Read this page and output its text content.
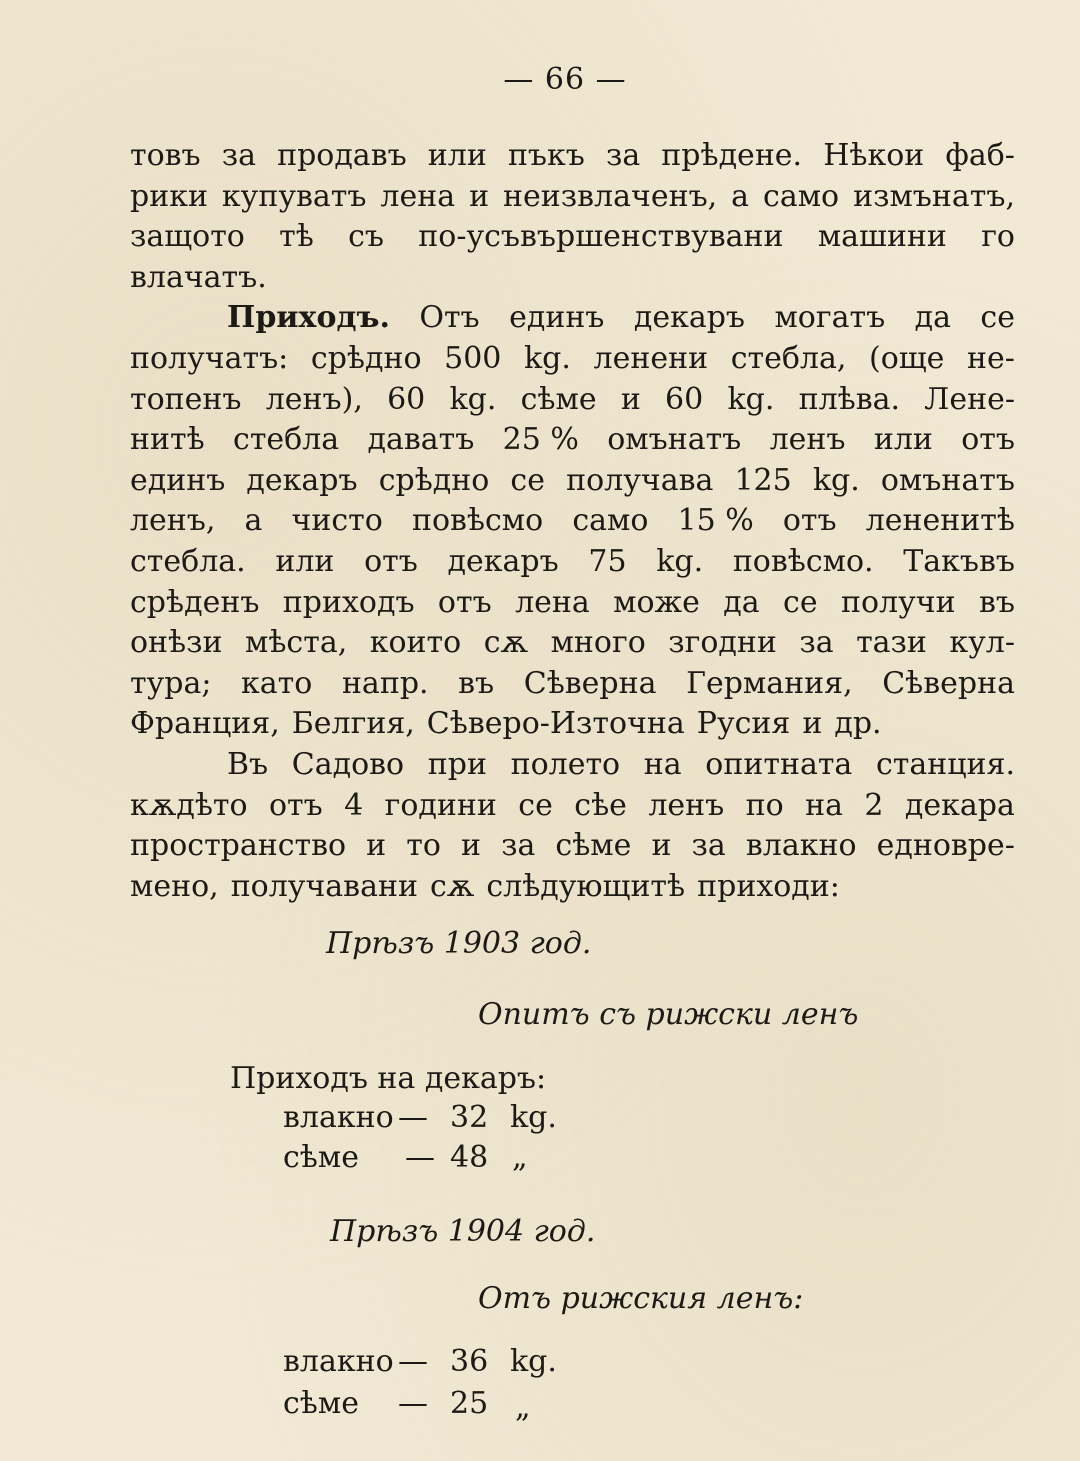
— 66 —
товъ за продавъ или пъкъ за прѣдене. Нѣкои фаб-
рики купуватъ лена и неизвлаченъ, а само измънатъ,
защото тѣ съ по-усъвършенствувани машини го
влачатъ.
Приходъ. Отъ единъ декаръ могатъ да се
получатъ: срѣдно 500 kg. ленени стебла, (още не-
топенъ ленъ), 60 kg. сѣме и 60 kg. плѣва. Лене-
нитѣ стебла даватъ 25 % омънатъ ленъ или отъ
единъ декаръ срѣдно се получава 125 kg. омънатъ
ленъ, а чисто повѣсмо само 15 % отъ лененитѣ
стебла. или отъ декаръ 75 kg. повѣсмо. Такъвъ
срѣденъ приходъ отъ лена може да се получи въ
онѣзи мѣста, които сѫ много згодни за тази кул-
тура; като напр. въ Сѣверна Германия, Сѣверна
Франция, Белгия, Сѣверо-Източна Русия и др.
Въ Садово при полето на опитната станция.
кѫдѣто отъ 4 години се сѣе ленъ по на 2 декара
пространство и то и за сѣме и за влакно едновре-
мено, получавани сѫ слѣдующитѣ приходи:
Прѣзъ 1903 год.
Опитъ съ рижски ленъ
Приходъ на декаръ:
влакно — 32 kg.
сѣме — 48 „
Прѣзъ 1904 год.
Отъ рижския ленъ:
влакно — 36 kg.
сѣме — 25 „
